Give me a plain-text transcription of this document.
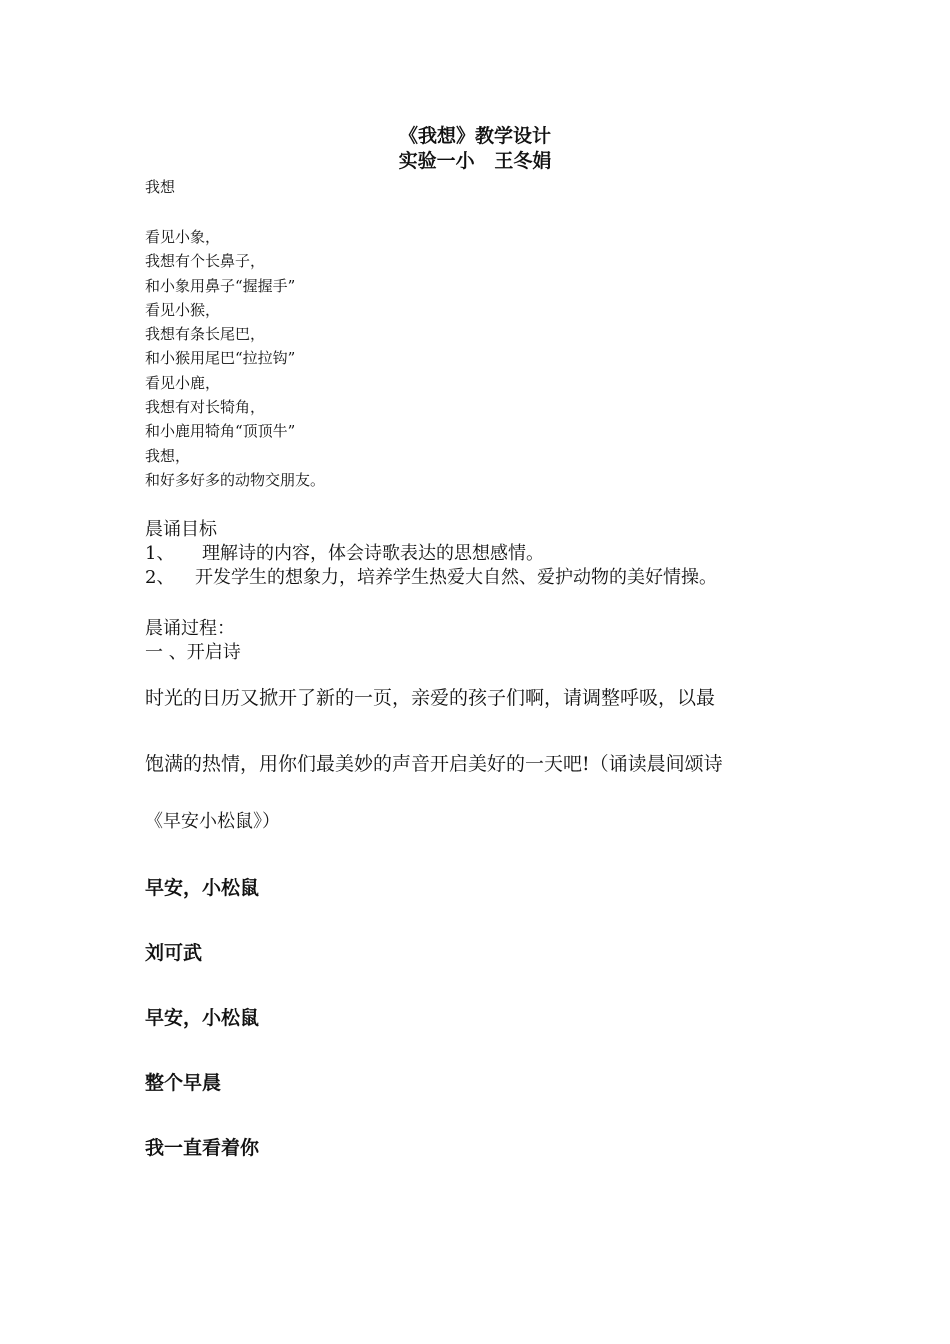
《我想》教学设计
实验一小   王冬娟
我想
看见小象，
我想有个长鼻子，
和小象用鼻子“握握手”
看见小猴，
我想有条长尾巴，
和小猴用尾巴“拉拉钩”
看见小鹿，
我想有对长犄角，
和小鹿用犄角“顶顶牛”
我想，
和好多好多的动物交朋友。
晨诵目标
1、 理解诗的内容，体会诗歌表达的思想感情。
2、 开发学生的想象力，培养学生热爱大自然、爱护动物的美好情操。
晨诵过程：
一 、开启诗
时光的日历又掀开了新的一页，亲爱的孩子们啊，请调整呼吸，以最
饱满的热情，用你们最美妙的声音开启美好的一天吧!（诵读晨间颂诗
《早安小松鼠》）
早安，小松鼠
刘可武
早安，小松鼠
整个早晨
我一直看着你
